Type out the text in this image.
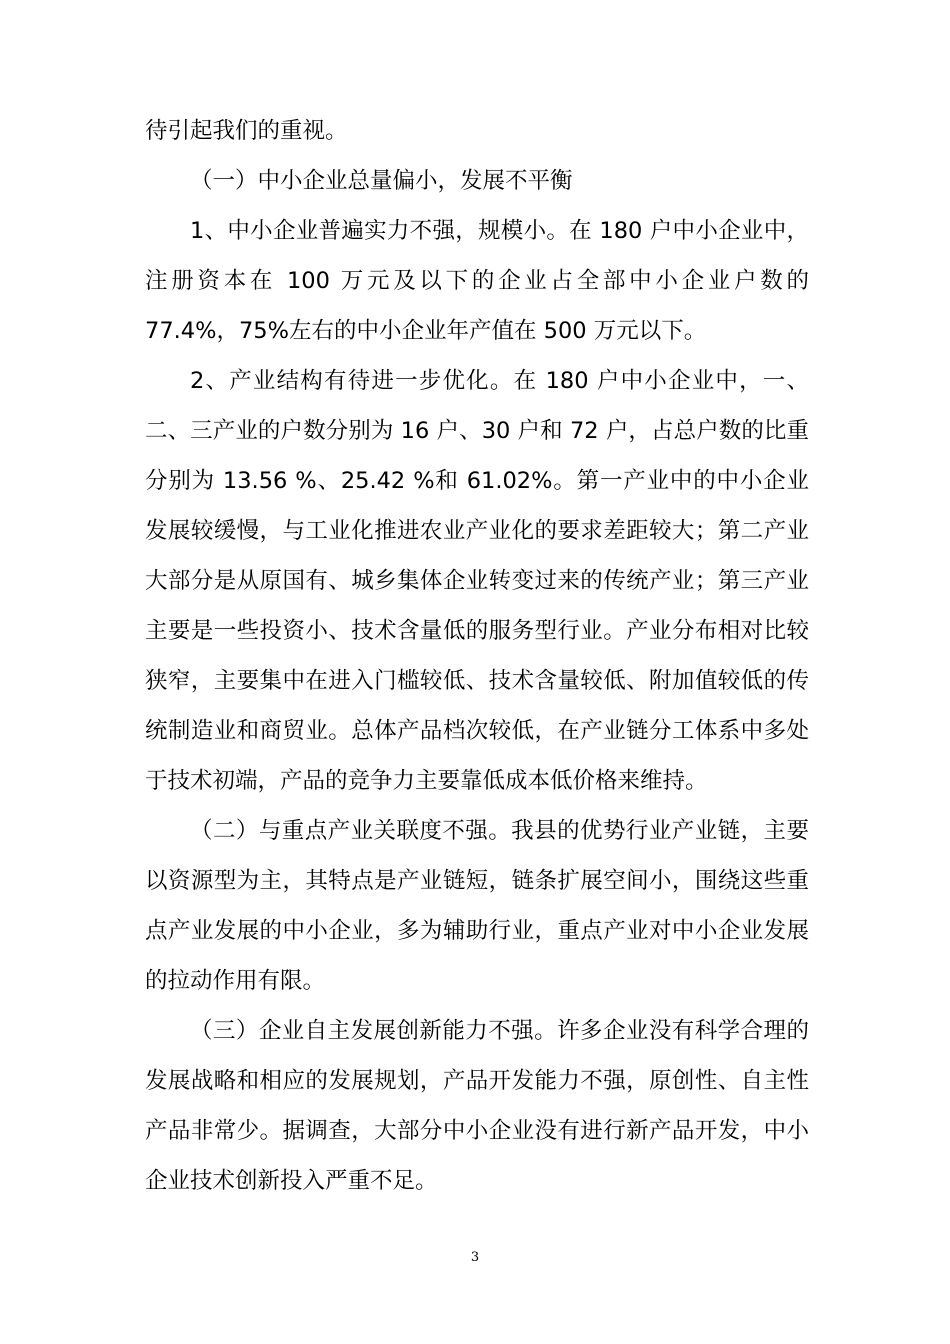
待引起我们的重视。

（一）中小企业总量偏小，发展不平衡

1、中小企业普遍实力不强，规模小。在 180 户中小企业中，注册资本在 100 万元及以下的企业占全部中小企业户数的 77.4%，75%左右的中小企业年产值在 500 万元以下。

2、产业结构有待进一步优化。在 180 户中小企业中，一、二、三产业的户数分别为 16 户、30 户和 72 户，占总户数的比重分别为 13.56 %、25.42 %和 61.02%。第一产业中的中小企业发展较缓慢，与工业化推进农业产业化的要求差距较大；第二产业大部分是从原国有、城乡集体企业转变过来的传统产业；第三产业主要是一些投资小、技术含量低的服务型行业。产业分布相对比较狭窄，主要集中在进入门槛较低、技术含量较低、附加值较低的传统制造业和商贸业。总体产品档次较低，在产业链分工体系中多处于技术初端，产品的竞争力主要靠低成本低价格来维持。

（二）与重点产业关联度不强。我县的优势行业产业链，主要以资源型为主，其特点是产业链短，链条扩展空间小，围绕这些重点产业发展的中小企业，多为辅助行业，重点产业对中小企业发展的拉动作用有限。

（三）企业自主发展创新能力不强。许多企业没有科学合理的发展战略和相应的发展规划，产品开发能力不强，原创性、自主性产品非常少。据调查，大部分中小企业没有进行新产品开发，中小企业技术创新投入严重不足。

3
